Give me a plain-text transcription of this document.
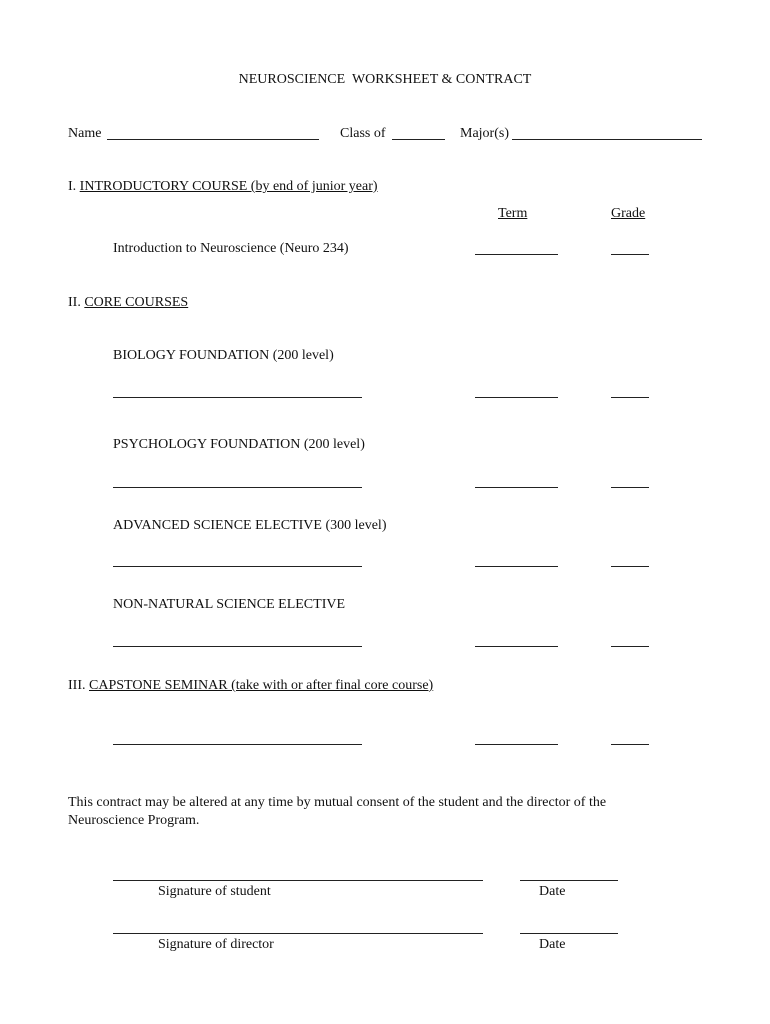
NEUROSCIENCE  WORKSHEET & CONTRACT
Name	Class of	Major(s)
I. INTRODUCTORY COURSE (by end of junior year)
Term	Grade
Introduction to Neuroscience (Neuro 234)
II. CORE COURSES
BIOLOGY FOUNDATION (200 level)
PSYCHOLOGY FOUNDATION (200 level)
ADVANCED SCIENCE ELECTIVE (300 level)
NON-NATURAL SCIENCE ELECTIVE
III. CAPSTONE SEMINAR (take with or after final core course)
This contract may be altered at any time by mutual consent of the student and the director of the Neuroscience Program.
Signature of student	Date
Signature of director	Date
